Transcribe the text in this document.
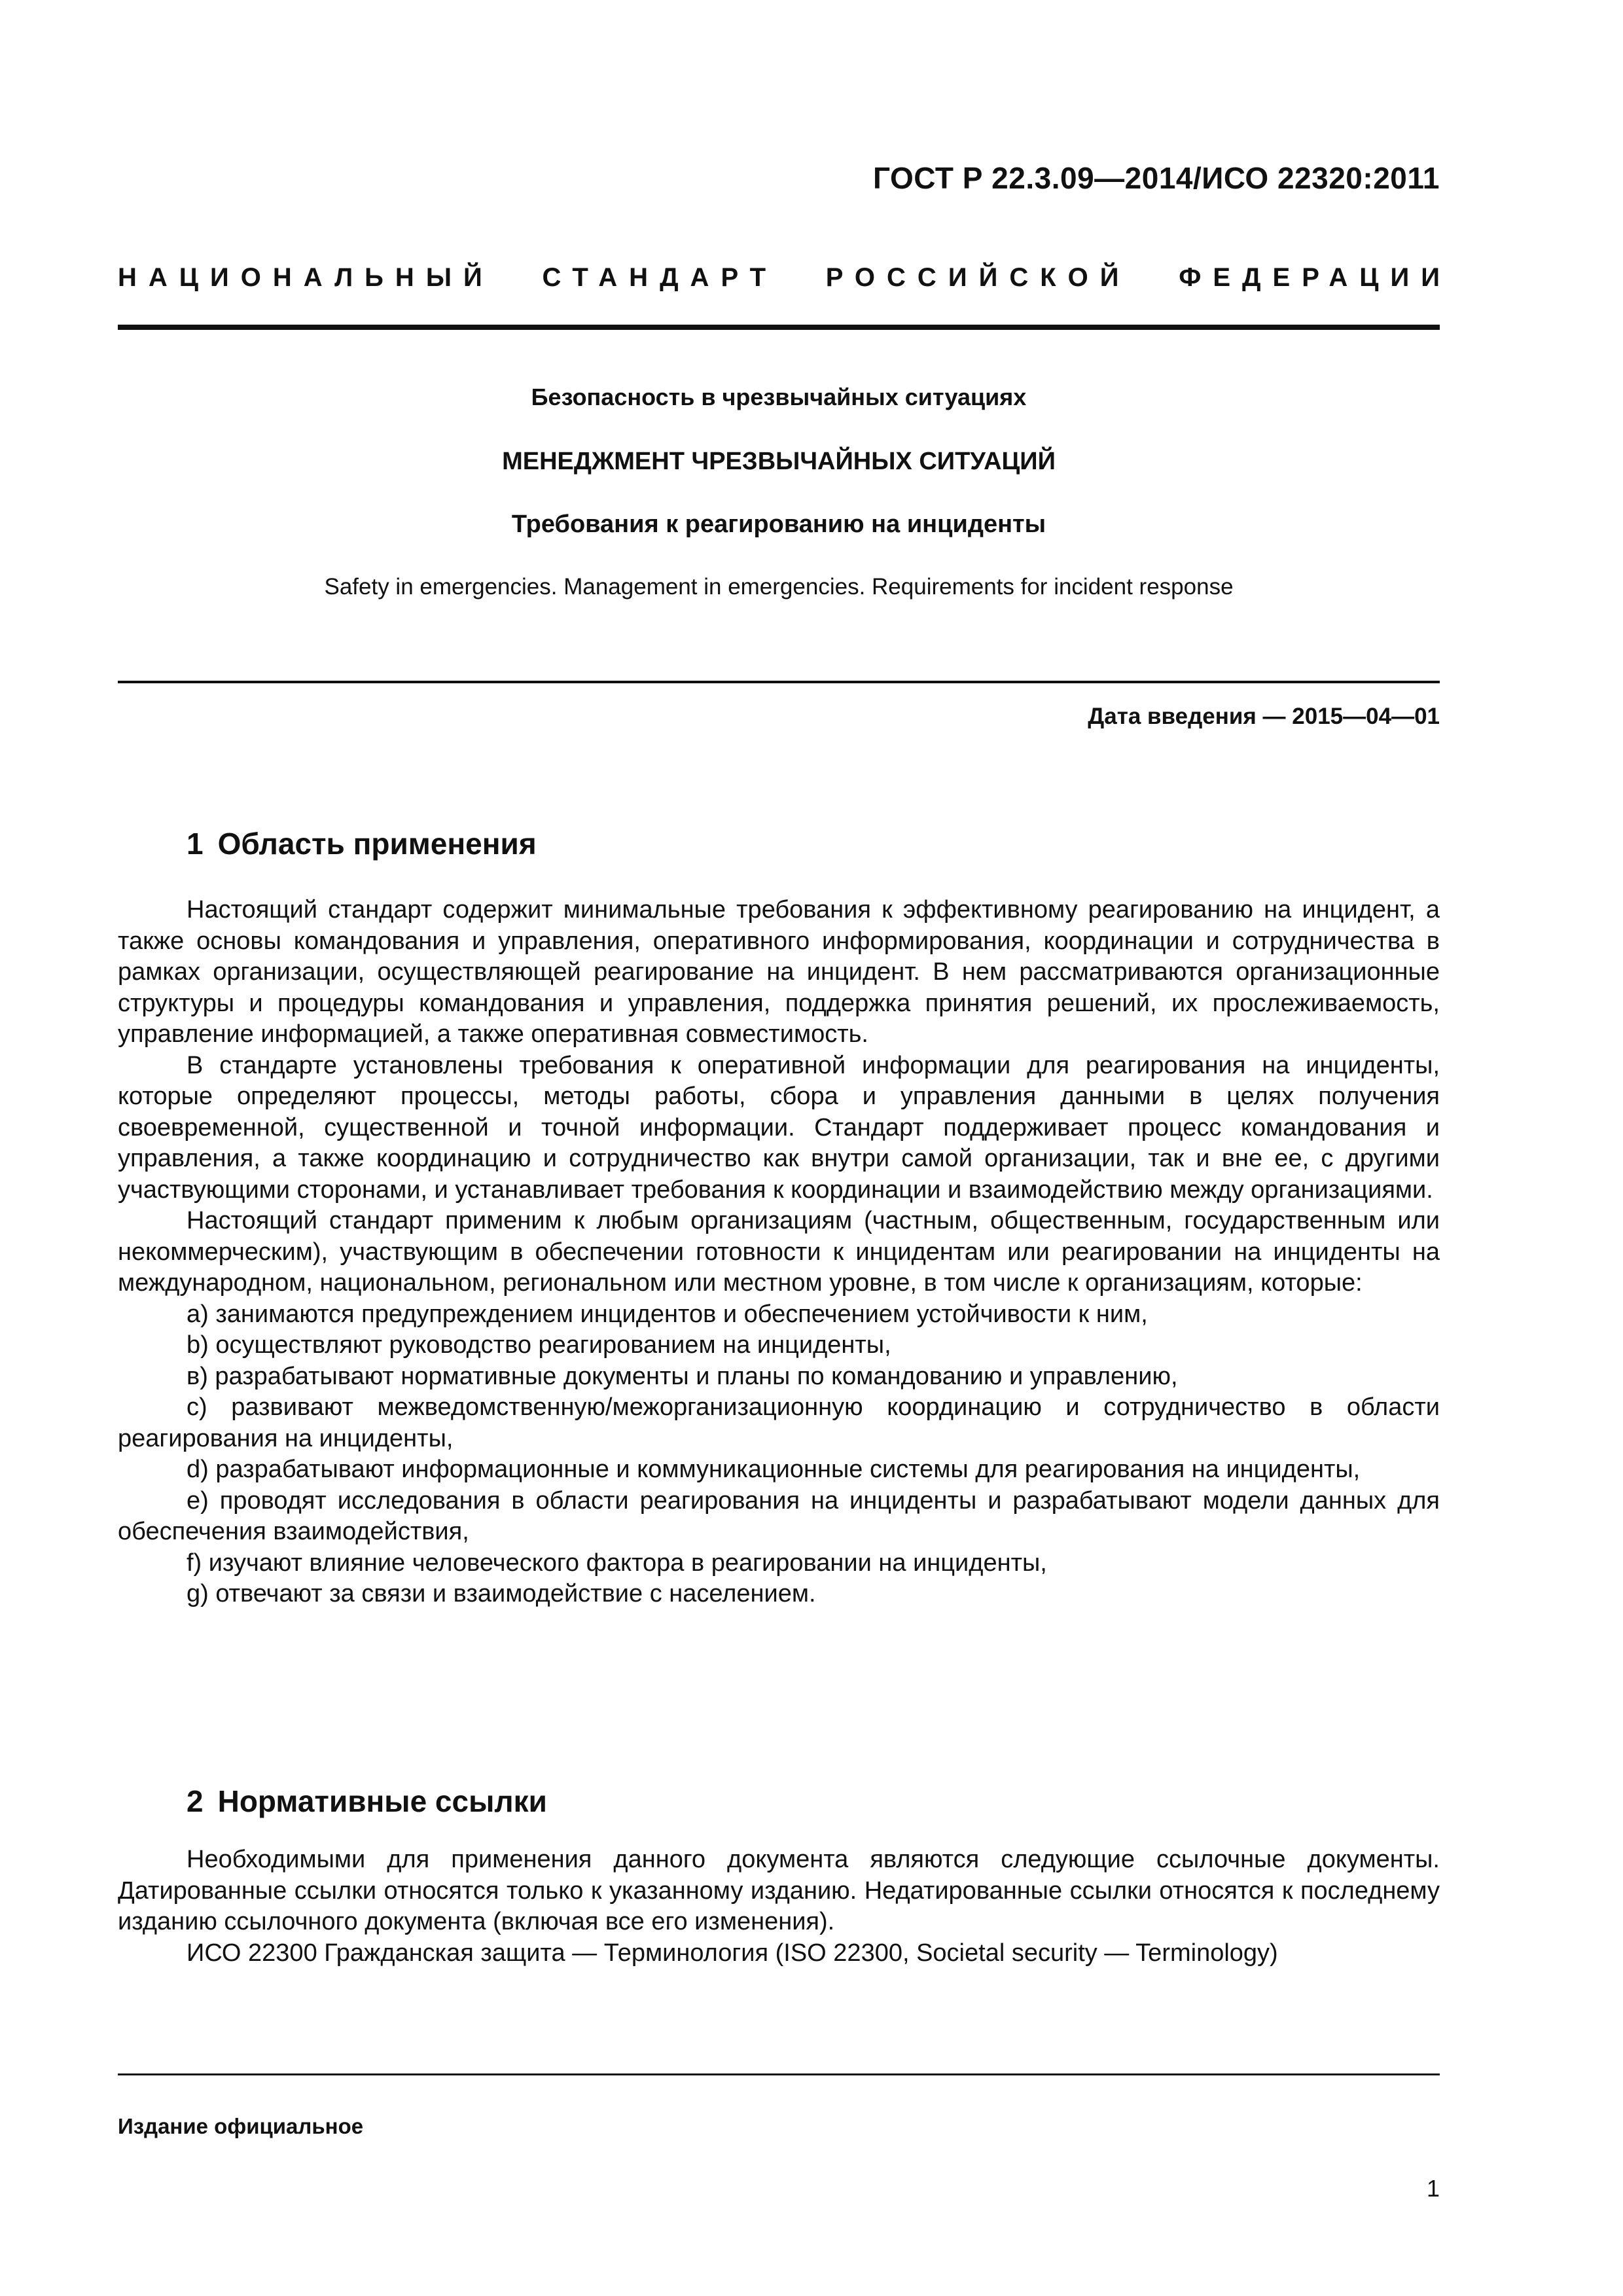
ГОСТ Р 22.3.09—2014/ИСО 22320:2011
НАЦИОНАЛЬНЫЙ СТАНДАРТ РОССИЙСКОЙ ФЕДЕРАЦИИ

Безопасность в чрезвычайных ситуациях

МЕНЕДЖМЕНТ ЧРЕЗВЫЧАЙНЫХ СИТУАЦИЙ

Требования к реагированию на инциденты

Safety in emergencies. Management in emergencies. Requirements for incident response

Дата введения — 2015—04—01
1 Область применения

Настоящий стандарт содержит минимальные требования к эффективному реагированию на инцидент, а также основы командования и управления, оперативного информирования, координации и сотрудничества в рамках организации, осуществляющей реагирование на инцидент. В нем рассматриваются организационные структуры и процедуры командования и управления, поддержка принятия решений, их прослеживаемость, управление информацией, а также оперативная совместимость.

В стандарте установлены требования к оперативной информации для реагирования на инциденты, которые определяют процессы, методы работы, сбора и управления данными в целях получения своевременной, существенной и точной информации. Стандарт поддерживает процесс командования и управления, а также координацию и сотрудничество как внутри самой организации, так и вне ее, с другими участвующими сторонами, и устанавливает требования к координации и взаимодействию между организациями.

Настоящий стандарт применим к любым организациям (частным, общественным, государственным или некоммерческим), участвующим в обеспечении готовности к инцидентам или реагировании на инциденты на международном, национальном, региональном или местном уровне, в том числе к организациям, которые:

a) занимаются предупреждением инцидентов и обеспечением устойчивости к ним,

b) осуществляют руководство реагированием на инциденты,

в) разрабатывают нормативные документы и планы по командованию и управлению,

c) развивают межведомственную/межорганизационную координацию и сотрудничество в области реагирования на инциденты,

d) разрабатывают информационные и коммуникационные системы для реагирования на инциденты,

e) проводят исследования в области реагирования на инциденты и разрабатывают модели данных для обеспечения взаимодействия,

f) изучают влияние человеческого фактора в реагировании на инциденты,

g) отвечают за связи и взаимодействие с населением.

2 Нормативные ссылки

Необходимыми для применения данного документа являются следующие ссылочные документы. Датированные ссылки относятся только к указанному изданию. Недатированные ссылки относятся к последнему изданию ссылочного документа (включая все его изменения).

ИСО 22300 Гражданская защита — Терминология (ISO 22300, Societal security — Terminology)

Издание официальное
1
